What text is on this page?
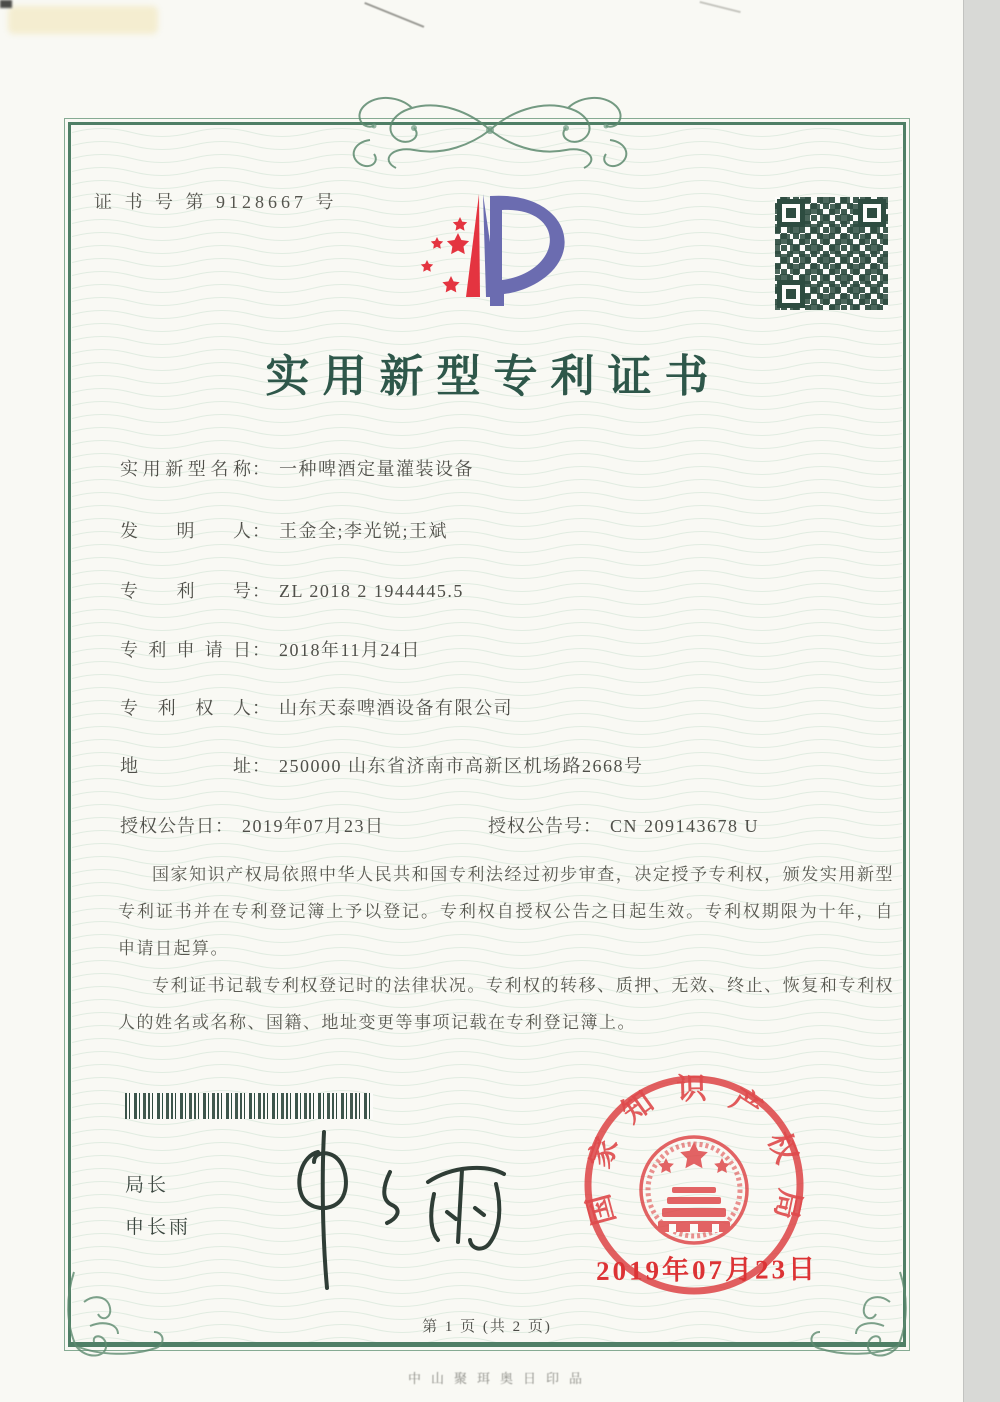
证 书 号 第 9128667 号
实用新型专利证书
实用新型名称： 一种啤酒定量灌装设备
发明人： 王金全;李光锐;王斌
专利号： ZL 2018 2 1944445.5
专利申请日： 2018年11月24日
专利权人： 山东天泰啤酒设备有限公司
地址： 250000 山东省济南市高新区机场路2668号
授权公告日： 2019年07月23日	授权公告号： CN 209143678 U

国家知识产权局依照中华人民共和国专利法经过初步审查，决定授予专利权，颁发实用新型专利证书并在专利登记簿上予以登记。专利权自授权公告之日起生效。专利权期限为十年，自申请日起算。

专利证书记载专利权登记时的法律状况。专利权的转移、质押、无效、终止、恢复和专利权人的姓名或名称、国籍、地址变更等事项记载在专利登记簿上。

局长
申长雨	国家知识产权局
2019年07月23日
第 1 页 (共 2 页)
中山聚珥奥日印品
